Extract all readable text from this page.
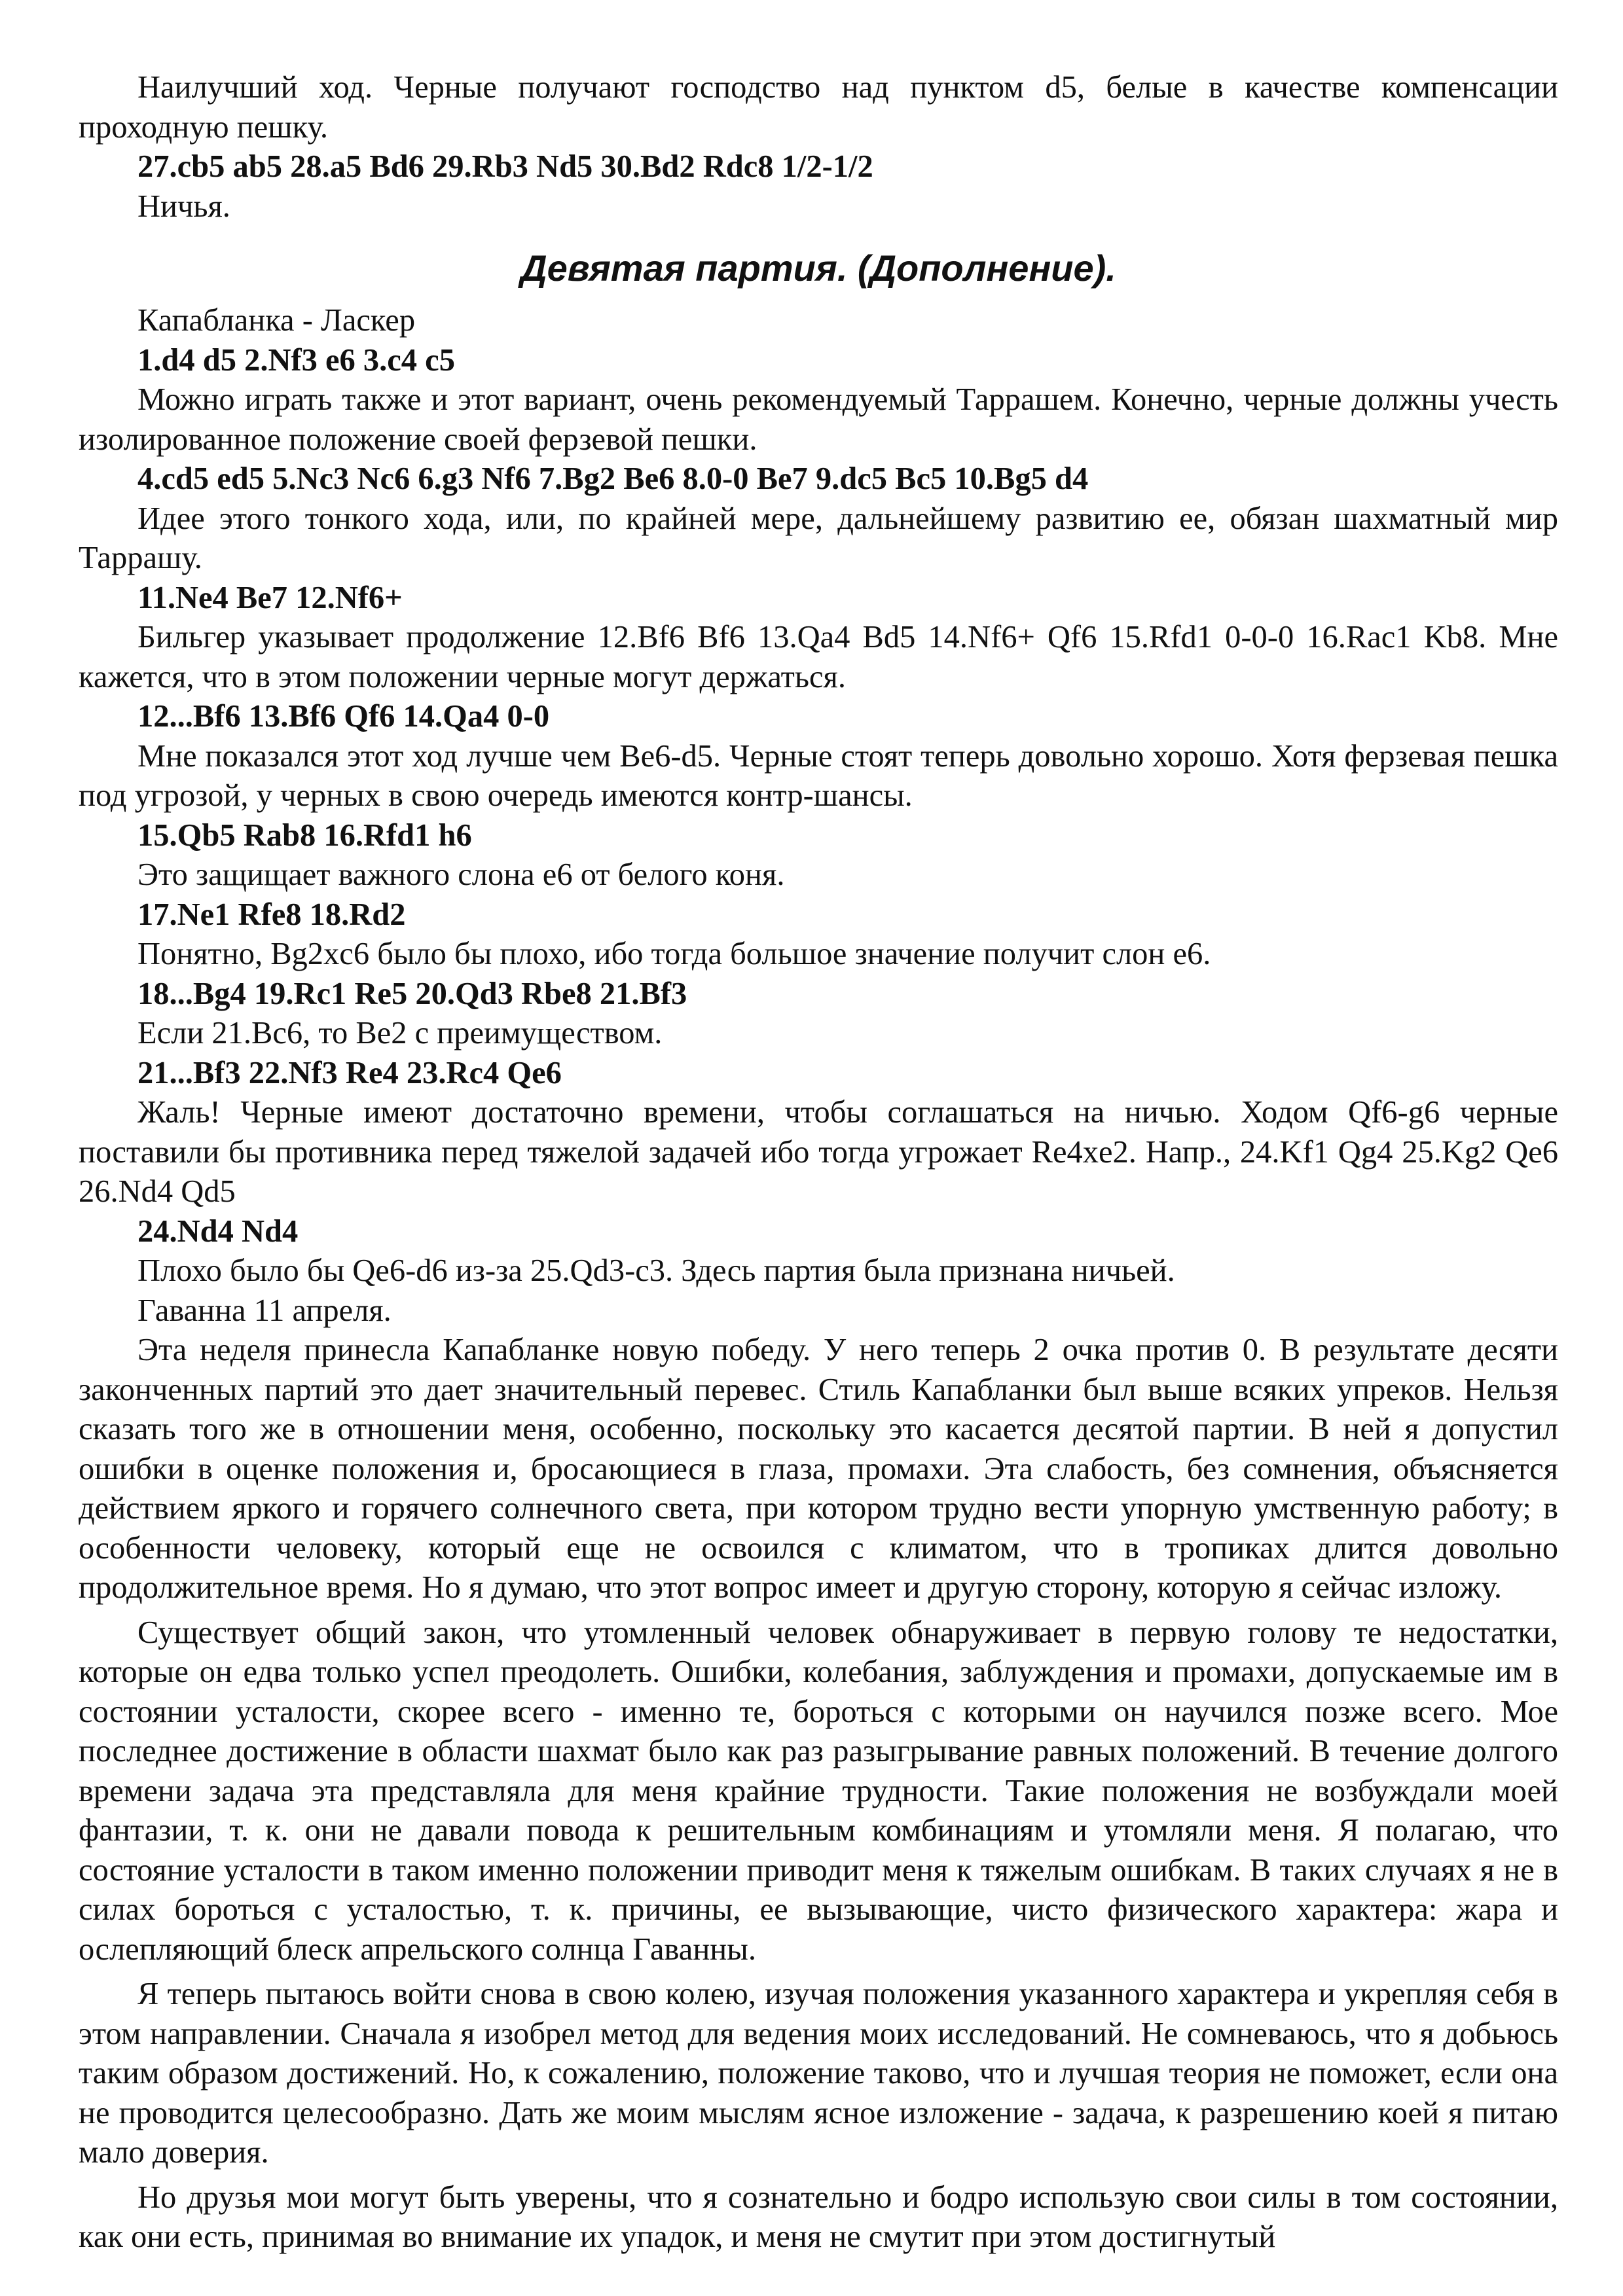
Наилучший ход. Черные получают господство над пунктом d5, белые в качестве компенсации проходную пешку.

27.cb5 ab5 28.a5 Bd6 29.Rb3 Nd5 30.Bd2 Rdc8 1/2-1/2

Ничья.

Девятая партия. (Дополнение).

Капабланка - Ласкер

1.d4 d5 2.Nf3 e6 3.c4 c5

Можно играть также и этот вариант, очень рекомендуемый Таррашем. Конечно, черные должны учесть изолированное положение своей ферзевой пешки.

4.cd5 ed5 5.Nc3 Nc6 6.g3 Nf6 7.Bg2 Be6 8.0-0 Be7 9.dc5 Bc5 10.Bg5 d4

Идее этого тонкого хода, или, по крайней мере, дальнейшему развитию ее, обязан шахматный мир Таррашу.

11.Ne4 Be7 12.Nf6+

Бильгер указывает продолжение 12.Bf6 Bf6 13.Qa4 Bd5 14.Nf6+ Qf6 15.Rfd1 0-0-0 16.Rac1 Kb8. Мне кажется, что в этом положении черные могут держаться.

12...Bf6 13.Bf6 Qf6 14.Qa4 0-0

Мне показался этот ход лучше чем Be6-d5. Черные стоят теперь довольно хорошо. Хотя ферзевая пешка под угрозой, у черных в свою очередь имеются контр-шансы.

15.Qb5 Rab8 16.Rfd1 h6

Это защищает важного слона e6 от белого коня.

17.Ne1 Rfe8 18.Rd2

Понятно, Bg2xc6 было бы плохо, ибо тогда большое значение получит слон e6.

18...Bg4 19.Rc1 Re5 20.Qd3 Rbe8 21.Bf3

Если 21.Bc6, то Be2 с преимуществом.

21...Bf3 22.Nf3 Re4 23.Rc4 Qe6

Жаль! Черные имеют достаточно времени, чтобы соглашаться на ничью. Ходом Qf6-g6 черные поставили бы противника перед тяжелой задачей ибо тогда угрожает Re4xe2. Напр., 24.Kf1 Qg4 25.Kg2 Qe6 26.Nd4 Qd5

24.Nd4 Nd4

Плохо было бы Qe6-d6 из-за 25.Qd3-c3. Здесь партия была признана ничьей.

Гаванна 11 апреля.

Эта неделя принесла Капабланке новую победу. У него теперь 2 очка против 0. В результате десяти законченных партий это дает значительный перевес. Стиль Капабланки был выше всяких упреков. Нельзя сказать того же в отношении меня, особенно, поскольку это касается десятой партии. В ней я допустил ошибки в оценке положения и, бросающиеся в глаза, промахи. Эта слабость, без сомнения, объясняется действием яркого и горячего солнечного света, при котором трудно вести упорную умственную работу; в особенности человеку, который еще не освоился с климатом, что в тропиках длится довольно продолжительное время. Но я думаю, что этот вопрос имеет и другую сторону, которую я сейчас изложу.

Существует общий закон, что утомленный человек обнаруживает в первую голову те недостатки, которые он едва только успел преодолеть. Ошибки, колебания, заблуждения и промахи, допускаемые им в состоянии усталости, скорее всего - именно те, бороться с которыми он научился позже всего. Мое последнее достижение в области шахмат было как раз разыгрывание равных положений. В течение долгого времени задача эта представляла для меня крайние трудности. Такие положения не возбуждали моей фантазии, т. к. они не давали повода к решительным комбинациям и утомляли меня. Я полагаю, что состояние усталости в таком именно положении приводит меня к тяжелым ошибкам. В таких случаях я не в силах бороться с усталостью, т. к. причины, ее вызывающие, чисто физического характера: жара и ослепляющий блеск апрельского солнца Гаванны.

Я теперь пытаюсь войти снова в свою колею, изучая положения указанного характера и укрепляя себя в этом направлении. Сначала я изобрел метод для ведения моих исследований. Не сомневаюсь, что я добьюсь таким образом достижений. Но, к сожалению, положение таково, что и лучшая теория не поможет, если она не проводится целесообразно. Дать же моим мыслям ясное изложение - задача, к разрешению коей я питаю мало доверия.

Но друзья мои могут быть уверены, что я сознательно и бодро использую свои силы в том состоянии, как они есть, принимая во внимание их упадок, и меня не смутит при этом достигнутый
